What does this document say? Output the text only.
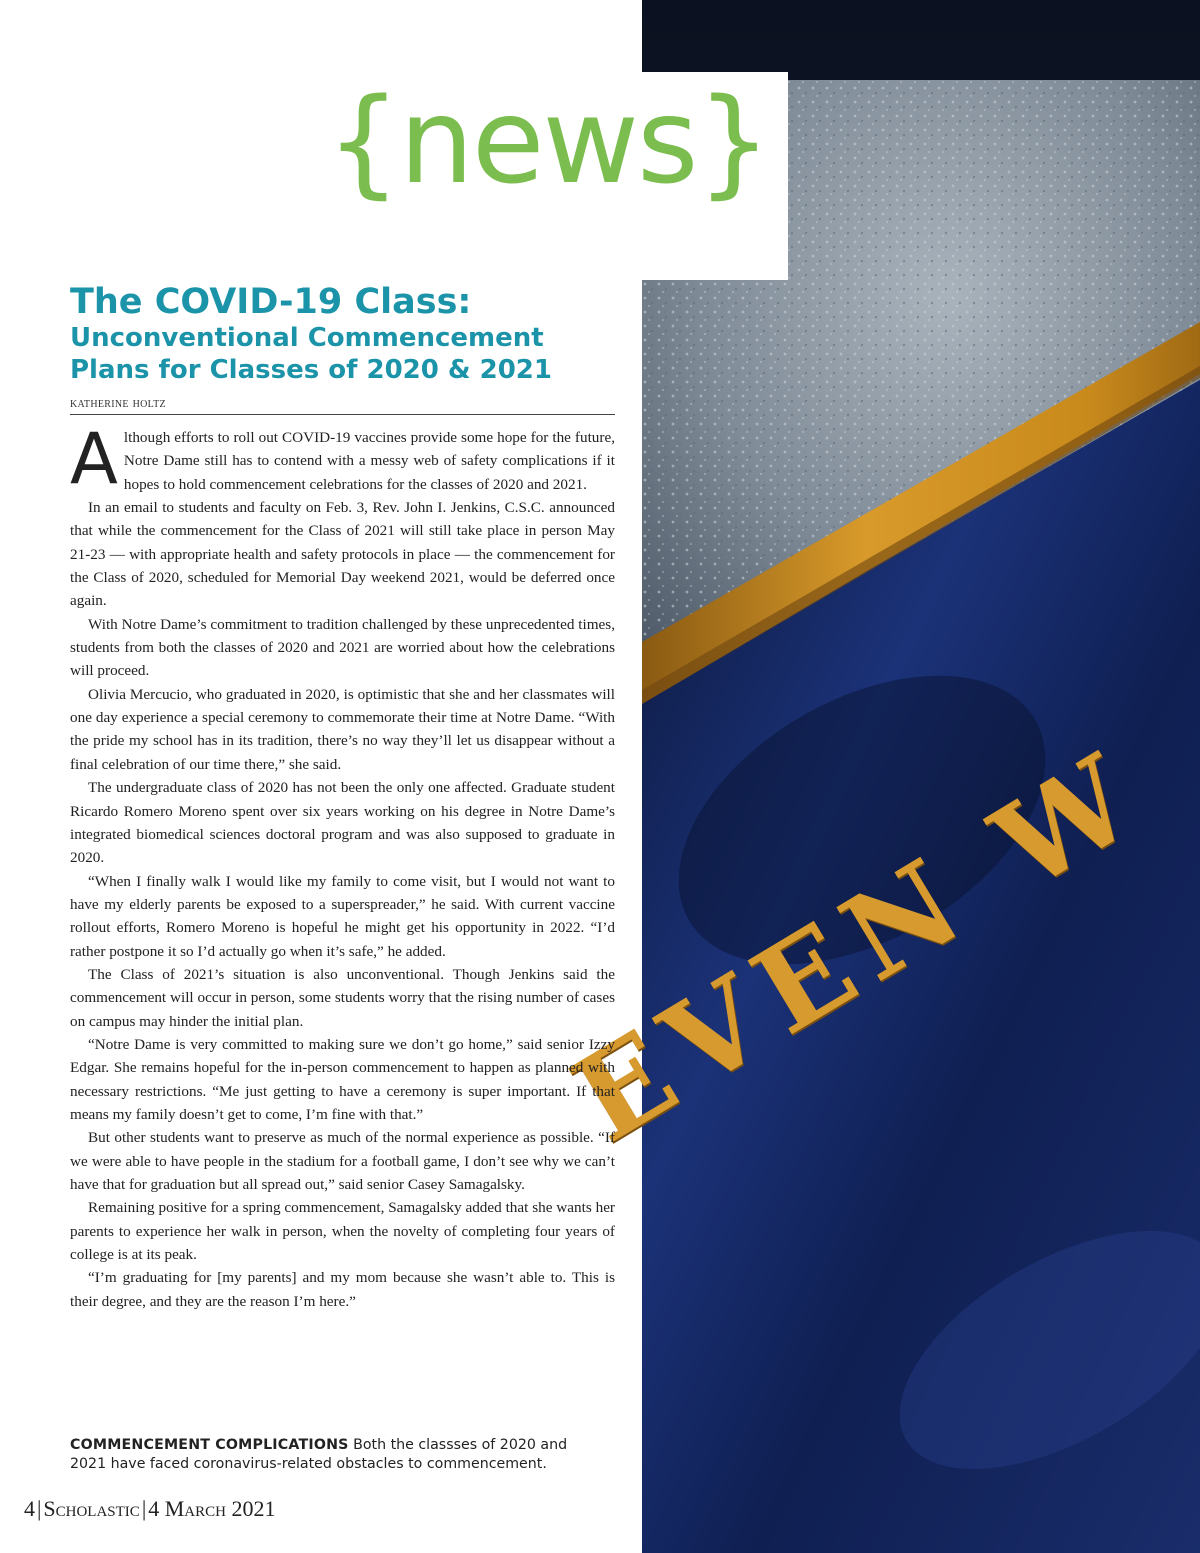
EVEN W
{news}
The COVID-19 Class:
Unconventional Commencement
Plans for Classes of 2020 & 2021
katherine holtz

Although efforts to roll out COVID-19 vaccines provide some hope for the future, Notre Dame still has to contend with a messy web of safety complications if it hopes to hold commencement celebrations for the classes of 2020 and 2021.

In an email to students and faculty on Feb. 3, Rev. John I. Jenkins, C.S.C. announced that while the commencement for the Class of 2021 will still take place in person May 21-23 — with appropriate health and safety protocols in place — the commencement for the Class of 2020, scheduled for Memorial Day weekend 2021, would be deferred once again.

With Notre Dame’s commitment to tradition challenged by these unprecedented times, students from both the classes of 2020 and 2021 are worried about how the celebrations will proceed.

Olivia Mercucio, who graduated in 2020, is optimistic that she and her classmates will one day experience a special ceremony to commemorate their time at Notre Dame. “With the pride my school has in its tradition, there’s no way they’ll let us disappear without a final celebration of our time there,” she said.

The undergraduate class of 2020 has not been the only one affected. Graduate student Ricardo Romero Moreno spent over six years working on his degree in Notre Dame’s integrated biomedical sciences doctoral program and was also supposed to graduate in 2020.

“When I finally walk I would like my family to come visit, but I would not want to have my elderly parents be exposed to a superspreader,” he said. With current vaccine rollout efforts, Romero Moreno is hopeful he might get his opportunity in 2022. “I’d rather postpone it so I’d actually go when it’s safe,” he added.

The Class of 2021’s situation is also unconventional. Though Jenkins said the commencement will occur in person, some students worry that the rising number of cases on campus may hinder the initial plan.

“Notre Dame is very committed to making sure we don’t go home,” said senior Izzy Edgar. She remains hopeful for the in-person commencement to happen as planned with necessary restrictions. “Me just getting to have a ceremony is super important. If that means my family doesn’t get to come, I’m fine with that.”

But other students want to preserve as much of the normal experience as possible. “If we were able to have people in the stadium for a football game, I don’t see why we can’t have that for graduation but all spread out,” said senior Casey Samagalsky.

Remaining positive for a spring commencement, Samagalsky added that she wants her parents to experience her walk in person, when the novelty of completing four years of college is at its peak.

“I’m graduating for [my parents] and my mom because she wasn’t able to. This is their degree, and they are the reason I’m here.”

COMMENCEMENT COMPLICATIONS Both the classses of 2020 and 2021 have faced coronavirus-related obstacles to commencement.
4|Scholastic|4 March 2021
